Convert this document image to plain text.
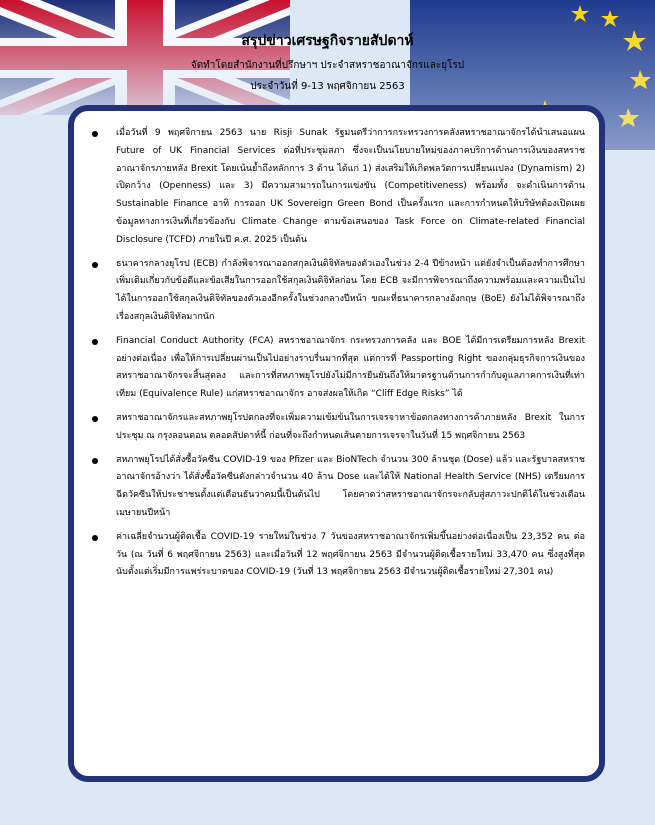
สรุปข่าวเศรษฐกิจรายสัปดาห์
จัดทำโดยสำนักงานที่ปรึกษาฯ ประจำสหราชอาณาจักรและยุโรป
ประจำวันที่ 9-13 พฤศจิกายน 2563
เมื่อวันที่ 9 พฤศจิกายน 2563 นาย Risji Sunak รัฐมนตรีว่าการกระทรวงการคลังสหราชอาณาจักรได้นำเสนอแผน Future of UK Financial Services ต่อที่ประชุมสภา ซึ่งจะเป็นนโยบายใหม่ของภาคบริการด้านการเงินของสหราชอาณาจักรภายหลัง Brexit โดยเน้นย้ำถึงหลักการ 3 ด้าน ได้แก่ 1) ส่งเสริมให้เกิดพลวัตการเปลี่ยนแปลง (Dynamism) 2) เปิดกว้าง (Openness) และ 3) มีความสามารถในการแข่งขัน (Competitiveness) พร้อมทั้ง จะดำเนินการด้าน Sustainable Finance อาทิ การออก UK Sovereign Green Bond เป็นครั้งแรก และการกำหนดให้บริษัทต้องเปิดเผยข้อมูลทางการเงินที่เกี่ยวข้องกับ Climate Change ตามข้อเสนอของ Task Force on Climate-related Financial Disclosure (TCFD) ภายในปี ค.ศ. 2025 เป็นต้น
ธนาคารกลางยุโรป (ECB) กำลังพิจารณาออกสกุลเงินดิจิทัลของตัวเองในช่วง 2-4 ปีข้างหน้า แต่ยังจำเป็นต้องทำการศึกษาเพิ่มเติมเกี่ยวกับข้อดีและข้อเสียในการออกใช้สกุลเงินดิจิทัลก่อน โดย ECB จะมีการพิจารณาถึงความพร้อมและความเป็นไปได้ในการออกใช้สกุลเงินดิจิทัลของตัวเองอีกครั้งในช่วงกลางปีหน้า ขณะที่ธนาคารกลางอังกฤษ (BoE) ยังไม่ได้พิจารณาถึงเรื่องสกุลเงินดิจิทัลมากนัก
Financial Conduct Authority (FCA) สหราชอาณาจักร กระทรวงการคลัง และ BOE ได้มีการเตรียมการหลัง Brexit อย่างต่อเนื่อง เพื่อให้การเปลี่ยนผ่านเป็นไปอย่างราบรื่นมากที่สุด แต่การที่ Passporting Right ของกลุ่มธุรกิจการเงินของสหราชอาณาจักรจะสิ้นสุดลง และการที่สหภาพยุโรปยังไม่มีการยืนยันถึงให้มาตรฐานด้านการกำกับดูแลภาคการเงินที่เท่าเทียม (Equivalence Rule) แก่สหราชอาณาจักร อาจส่งผลให้เกิด “Cliff Edge Risks” ได้
สหราชอาณาจักรและสหภาพยุโรปตกลงที่จะเพิ่มความเข้มข้นในการเจรจาหาข้อตกลงทางการค้าภายหลัง Brexit ในการประชุม ณ กรุงลอนดอน ตลอดสัปดาห์นี้ ก่อนที่จะถึงกำหนดเส้นตายการเจรจาในวันที่ 15 พฤศจิกายน 2563
สหภาพยุโรปได้สั่งซื้อวัคซีน COVID-19 ของ Pfizer และ BioNTech จำนวน 300 ล้านชุด (Dose) แล้ว และรัฐบาลสหราชอาณาจักรอ้างว่า ได้สั่งซื้อวัคซีนดังกล่าวจำนวน 40 ล้าน Dose และได้ให้ National Health Service (NHS) เตรียมการฉีดวัคซีนให้ประชาชนตั้งแต่เดือนธันวาคมนี้เป็นต้นไป โดยคาดว่าสหราชอาณาจักรจะกลับสู่สภาวะปกติได้ในช่วงเดือนเมษายนปีหน้า
ค่าเฉลี่ยจำนวนผู้ติดเชื้อ COVID-19 รายใหม่ในช่วง 7 วันของสหราชอาณาจักรเพิ่มขึ้นอย่างต่อเนื่องเป็น 23,352 คน ต่อวัน (ณ วันที่ 6 พฤศจิกายน 2563) และเมื่อวันที่ 12 พฤศจิกายน 2563 มีจำนวนผู้ติดเชื้อรายใหม่ 33,470 คน ซึ่งสูงที่สุดนับตั้งแต่เริ่มมีการแพร่ระบาดของ COVID-19 (วันที่ 13 พฤศจิกายน 2563 มีจำนวนผู้ติดเชื้อรายใหม่ 27,301 คน)
